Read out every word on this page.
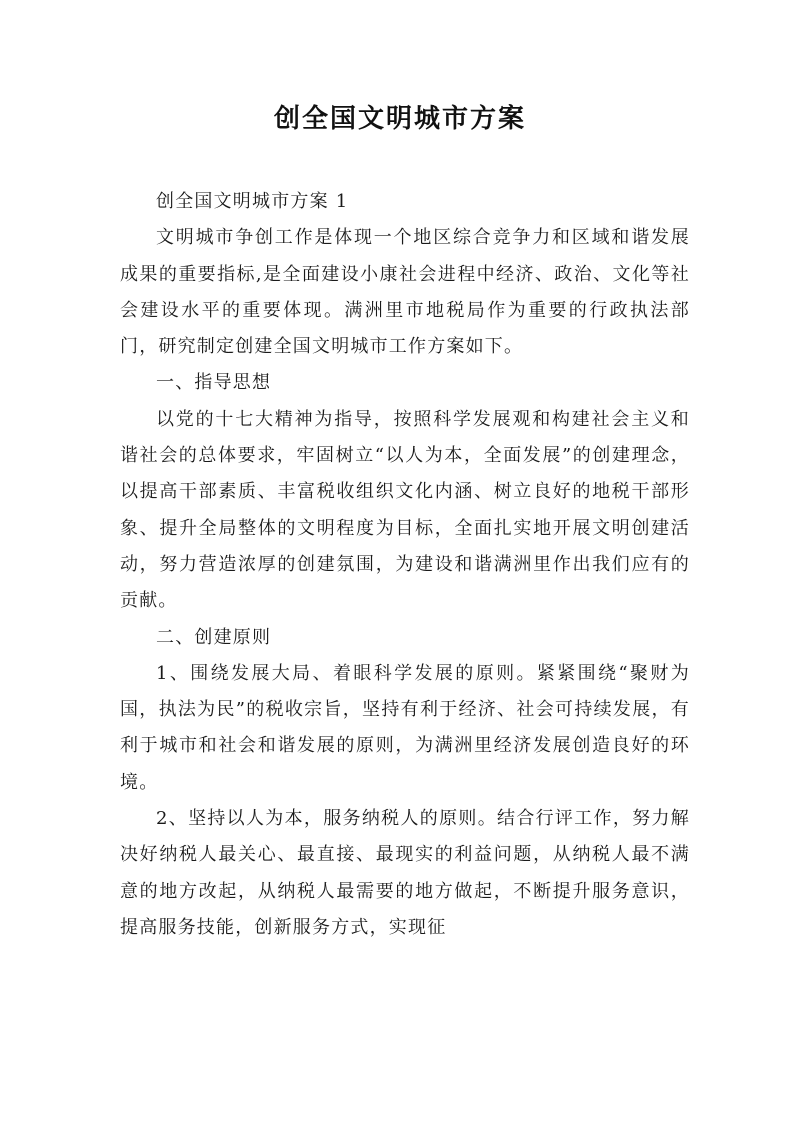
创全国文明城市方案

创全国文明城市方案 1

文明城市争创工作是体现一个地区综合竞争力和区域和谐发展成果的重要指标,是全面建设小康社会进程中经济、政治、文化等社会建设水平的重要体现。满洲里市地税局作为重要的行政执法部门，研究制定创建全国文明城市工作方案如下。

一、指导思想

以党的十七大精神为指导，按照科学发展观和构建社会主义和谐社会的总体要求，牢固树立“以人为本，全面发展”的创建理念，以提高干部素质、丰富税收组织文化内涵、树立良好的地税干部形象、提升全局整体的文明程度为目标，全面扎实地开展文明创建活动，努力营造浓厚的创建氛围，为建设和谐满洲里作出我们应有的贡献。

二、创建原则

1、围绕发展大局、着眼科学发展的原则。紧紧围绕“聚财为国，执法为民”的税收宗旨，坚持有利于经济、社会可持续发展，有利于城市和社会和谐发展的原则，为满洲里经济发展创造良好的环境。

2、坚持以人为本，服务纳税人的原则。结合行评工作，努力解决好纳税人最关心、最直接、最现实的利益问题，从纳税人最不满意的地方改起，从纳税人最需要的地方做起，不断提升服务意识，提高服务技能，创新服务方式，实现征
